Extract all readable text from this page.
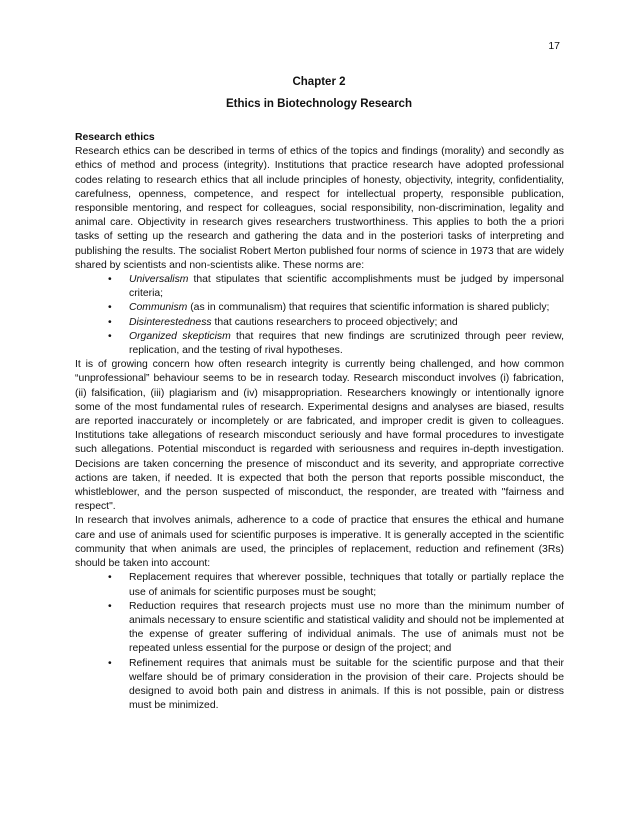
17
Chapter 2
Ethics in Biotechnology Research

Research ethics

Research ethics can be described in terms of ethics of the topics and findings (morality) and secondly as ethics of method and process (integrity). Institutions that practice research have adopted professional codes relating to research ethics that all include principles of honesty, objectivity, integrity, confidentiality, carefulness, openness, competence, and respect for intellectual property, responsible publication, responsible mentoring, and respect for colleagues, social responsibility, non-discrimination, legality and animal care. Objectivity in research gives researchers trustworthiness. This applies to both the a priori tasks of setting up the research and gathering the data and in the posteriori tasks of interpreting and publishing the results. The socialist Robert Merton published four norms of science in 1973 that are widely shared by scientists and non-scientists alike. These norms are:

• Universalism that stipulates that scientific accomplishments must be judged by impersonal criteria;
• Communism (as in communalism) that requires that scientific information is shared publicly;
• Disinterestedness that cautions researchers to proceed objectively; and
• Organized skepticism that requires that new findings are scrutinized through peer review, replication, and the testing of rival hypotheses.

It is of growing concern how often research integrity is currently being challenged, and how common “unprofessional” behaviour seems to be in research today. Research misconduct involves (i) fabrication, (ii) falsification, (iii) plagiarism and (iv) misappropriation. Researchers knowingly or intentionally ignore some of the most fundamental rules of research. Experimental designs and analyses are biased, results are reported inaccurately or incompletely or are fabricated, and improper credit is given to colleagues. Institutions take allegations of research misconduct seriously and have formal procedures to investigate such allegations. Potential misconduct is regarded with seriousness and requires in-depth investigation. Decisions are taken concerning the presence of misconduct and its severity, and appropriate corrective actions are taken, if needed. It is expected that both the person that reports possible misconduct, the whistleblower, and the person suspected of misconduct, the responder, are treated with "fairness and respect".

In research that involves animals, adherence to a code of practice that ensures the ethical and humane care and use of animals used for scientific purposes is imperative. It is generally accepted in the scientific community that when animals are used, the principles of replacement, reduction and refinement (3Rs) should be taken into account:

• Replacement requires that wherever possible, techniques that totally or partially replace the use of animals for scientific purposes must be sought;
• Reduction requires that research projects must use no more than the minimum number of animals necessary to ensure scientific and statistical validity and should not be implemented at the expense of greater suffering of individual animals. The use of animals must not be repeated unless essential for the purpose or design of the project; and
• Refinement requires that animals must be suitable for the scientific purpose and that their welfare should be of primary consideration in the provision of their care. Projects should be designed to avoid both pain and distress in animals. If this is not possible, pain or distress must be minimized.
